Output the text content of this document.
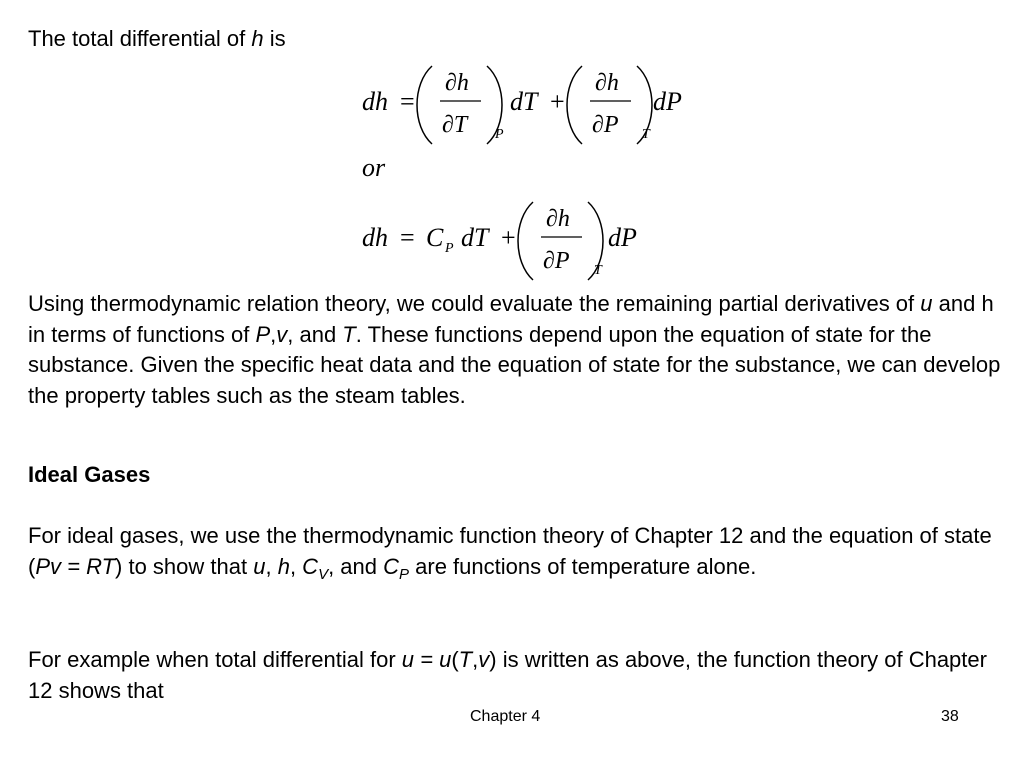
The total differential of h is
dh =
∂h
∂T P
dT +
∂h
∂P T
dP
or
dh = C P dT +
∂h
∂P T
dP
Using thermodynamic relation theory, we could evaluate the remaining partial derivatives of u and h in terms of functions of P,v, and T. These functions depend upon the equation of state for the substance. Given the specific heat data and the equation of state for the substance, we can develop the property tables such as the steam tables.
Ideal Gases
For ideal gases, we use the thermodynamic function theory of Chapter 12 and the equation of state (Pv = RT) to show that u, h, $C_V$, and $C_P$ are functions of temperature alone.
For example when total differential for u = u(T,v) is written as above, the function theory of Chapter 12 shows that
Chapter 4	38
